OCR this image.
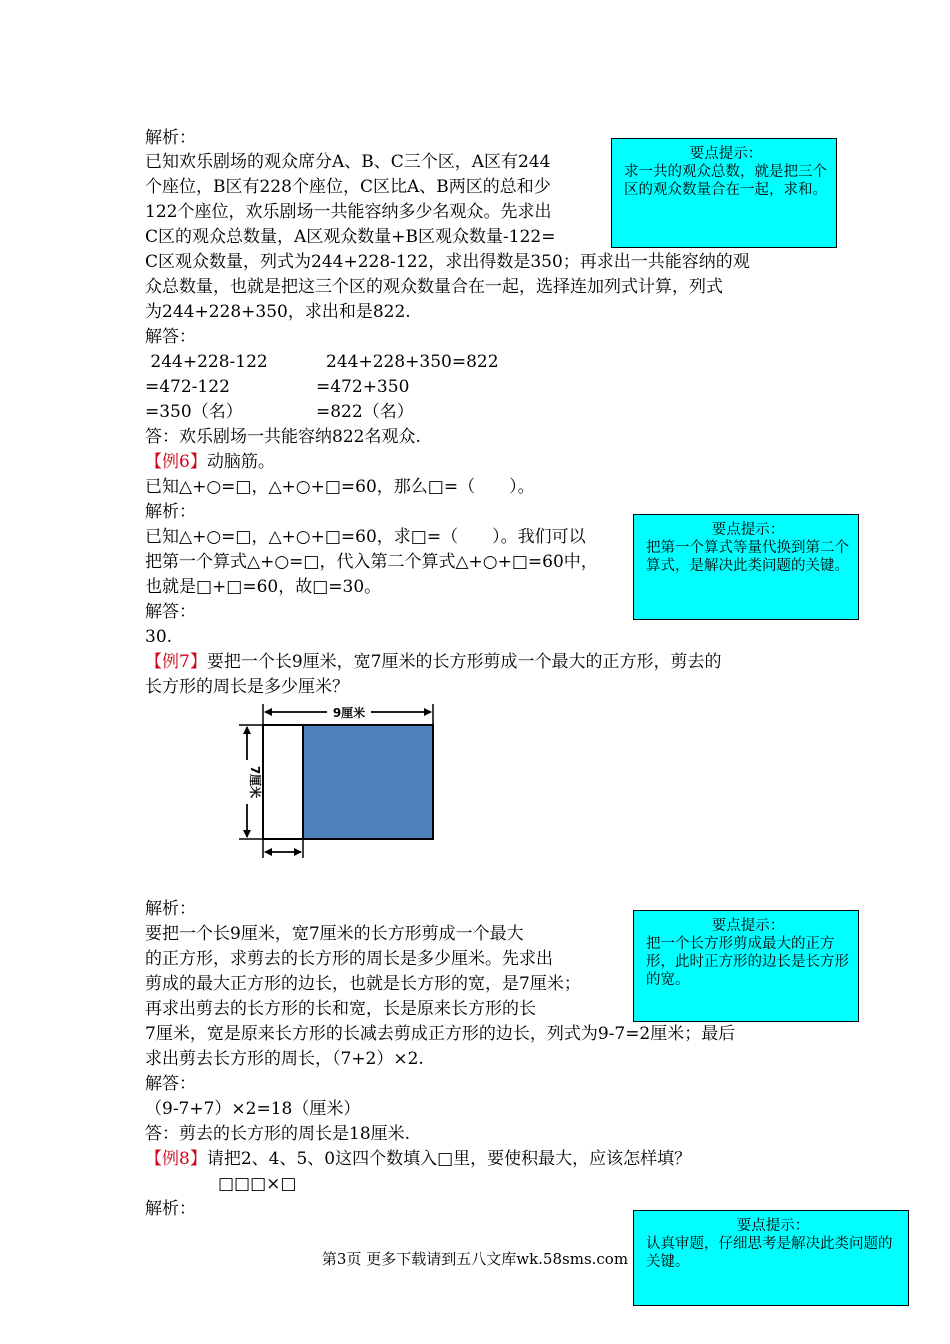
解析：
已知欢乐剧场的观众席分A、B、C三个区，A区有244
个座位，B区有228个座位，C区比A、B两区的总和少
122个座位，欢乐剧场一共能容纳多少名观众。先求出
C区的观众总数量，A区观众数量+B区观众数量-122=
C区观众数量，列式为244+228-122，求出得数是350；再求出一共能容纳的观
众总数量，也就是把这三个区的观众数量合在一起，选择连加列式计算，列式
为244+228+350，求出和是822.
解答：
244+228-122
=472-122
=350（名）
244+228+350=822
=472+350
=822（名）
答：欢乐剧场一共能容纳822名观众.
【例6】动脑筋。
已知△+○=□，△+○+□=60，那么□=（　　）。
解析：
已知△+○=□，△+○+□=60，求□=（　　）。我们可以
把第一个算式△+○=□，代入第二个算式△+○+□=60中，
也就是□+□=60，故□=30。
解答：
30.
【例7】要把一个长9厘米，宽7厘米的长方形剪成一个最大的正方形，剪去的
长方形的周长是多少厘米？
9厘米
7厘米
解析：
要把一个长9厘米，宽7厘米的长方形剪成一个最大
的正方形，求剪去的长方形的周长是多少厘米。先求出
剪成的最大正方形的边长，也就是长方形的宽，是7厘米；
再求出剪去的长方形的长和宽，长是原来长方形的长
7厘米，宽是原来长方形的长减去剪成正方形的边长，列式为9-7=2厘米；最后
求出剪去长方形的周长，（7+2）×2.
解答：
（9-7+7）×2=18（厘米）
答：剪去的长方形的周长是18厘米.
【例8】请把2、4、5、0这四个数填入□里，要使积最大，应该怎样填？
□□□×□
解析：
要点提示：
求一共的观众总数，就是把三个区的观众数量合在一起，求和。
要点提示：
把第一个算式等量代换到第二个算式，是解决此类问题的关键。
要点提示：
把一个长方形剪成最大的正方形，此时正方形的边长是长方形的宽。
要点提示：
认真审题，仔细思考是解决此类问题的关键。
第3页 更多下载请到五八文库wk.58sms.com
